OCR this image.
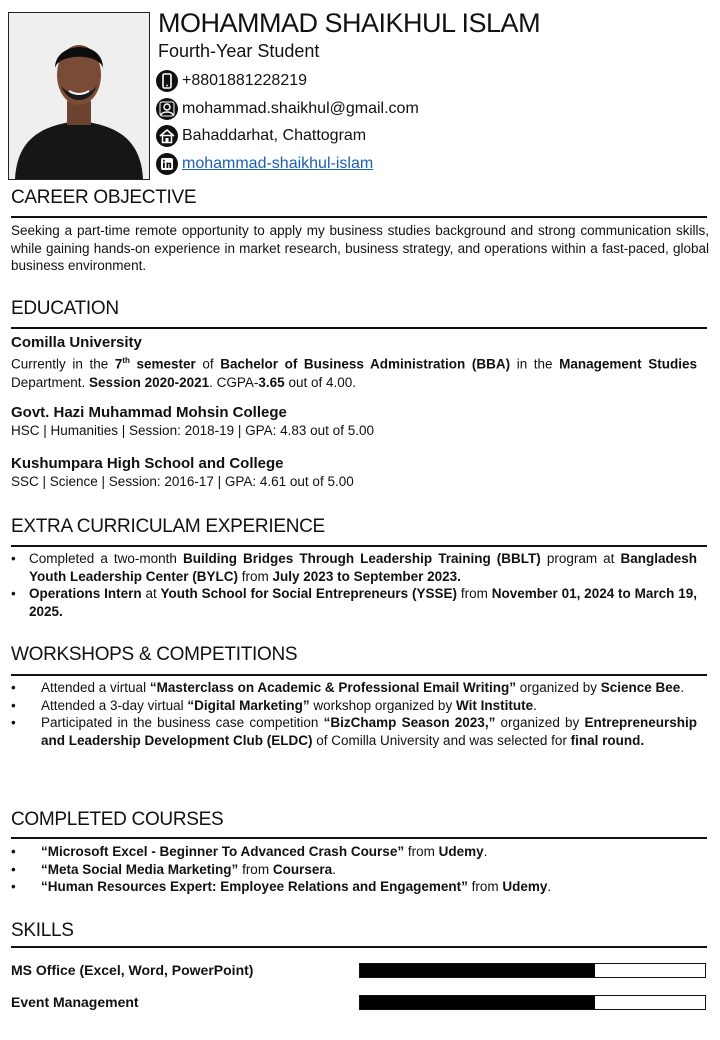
MOHAMMAD SHAIKHUL ISLAM
Fourth-Year Student
+8801881228219
mohammad.shaikhul@gmail.com
Bahaddarhat, Chattogram
mohammad-shaikhul-islam
CAREER OBJECTIVE
Seeking a part-time remote opportunity to apply my business studies background and strong communication skills, while gaining hands-on experience in market research, business strategy, and operations within a fast-paced, global business environment.
EDUCATION
Comilla University
Currently in the 7th semester of Bachelor of Business Administration (BBA) in the Management Studies Department. Session 2020-2021. CGPA-3.65 out of 4.00.
Govt. Hazi Muhammad Mohsin College
HSC | Humanities | Session: 2018-19 | GPA: 4.83 out of 5.00
Kushumpara High School and College
SSC | Science | Session: 2016-17 | GPA: 4.61 out of 5.00
EXTRA CURRICULAM EXPERIENCE
• Completed a two-month Building Bridges Through Leadership Training (BBLT) program at Bangladesh Youth Leadership Center (BYLC) from July 2023 to September 2023.
• Operations Intern at Youth School for Social Entrepreneurs (YSSE) from November 01, 2024 to March 19, 2025.
WORKSHOPS & COMPETITIONS
• Attended a virtual “Masterclass on Academic & Professional Email Writing” organized by Science Bee.
• Attended a 3-day virtual “Digital Marketing” workshop organized by Wit Institute.
• Participated in the business case competition “BizChamp Season 2023,” organized by Entrepreneurship and Leadership Development Club (ELDC) of Comilla University and was selected for final round.
COMPLETED COURSES
• “Microsoft Excel - Beginner To Advanced Crash Course” from Udemy.
• “Meta Social Media Marketing” from Coursera.
• “Human Resources Expert: Employee Relations and Engagement” from Udemy.
SKILLS
MS Office (Excel, Word, PowerPoint)
Event Management
